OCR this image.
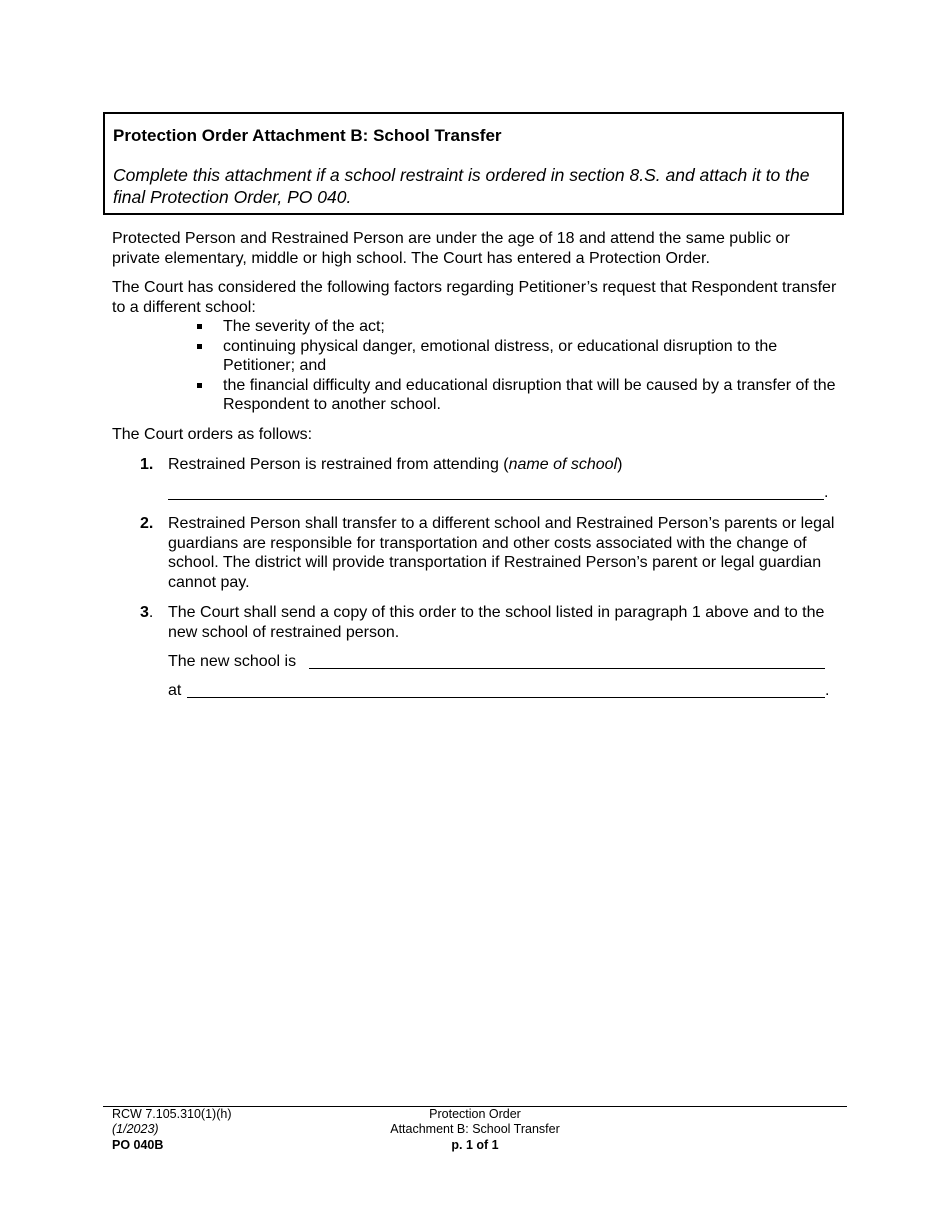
Protection Order Attachment B: School Transfer
Complete this attachment if a school restraint is ordered in section 8.S. and attach it to the final Protection Order, PO 040.
Protected Person and Restrained Person are under the age of 18 and attend the same public or private elementary, middle or high school. The Court has entered a Protection Order.
The Court has considered the following factors regarding Petitioner’s request that Respondent transfer to a different school:
The severity of the act;
continuing physical danger, emotional distress, or educational disruption to the Petitioner; and
the financial difficulty and educational disruption that will be caused by a transfer of the Respondent to another school.
The Court orders as follows:
1. Restrained Person is restrained from attending (name of school)
.
2. Restrained Person shall transfer to a different school and Restrained Person’s parents or legal guardians are responsible for transportation and other costs associated with the change of school. The district will provide transportation if Restrained Person’s parent or legal guardian cannot pay.
3. The Court shall send a copy of this order to the school listed in paragraph 1 above and to the new school of restrained person.
The new school is
at	.
RCW 7.105.310(1)(h)
(1/2023)
PO 040B
Protection Order
Attachment B: School Transfer
p. 1 of 1
